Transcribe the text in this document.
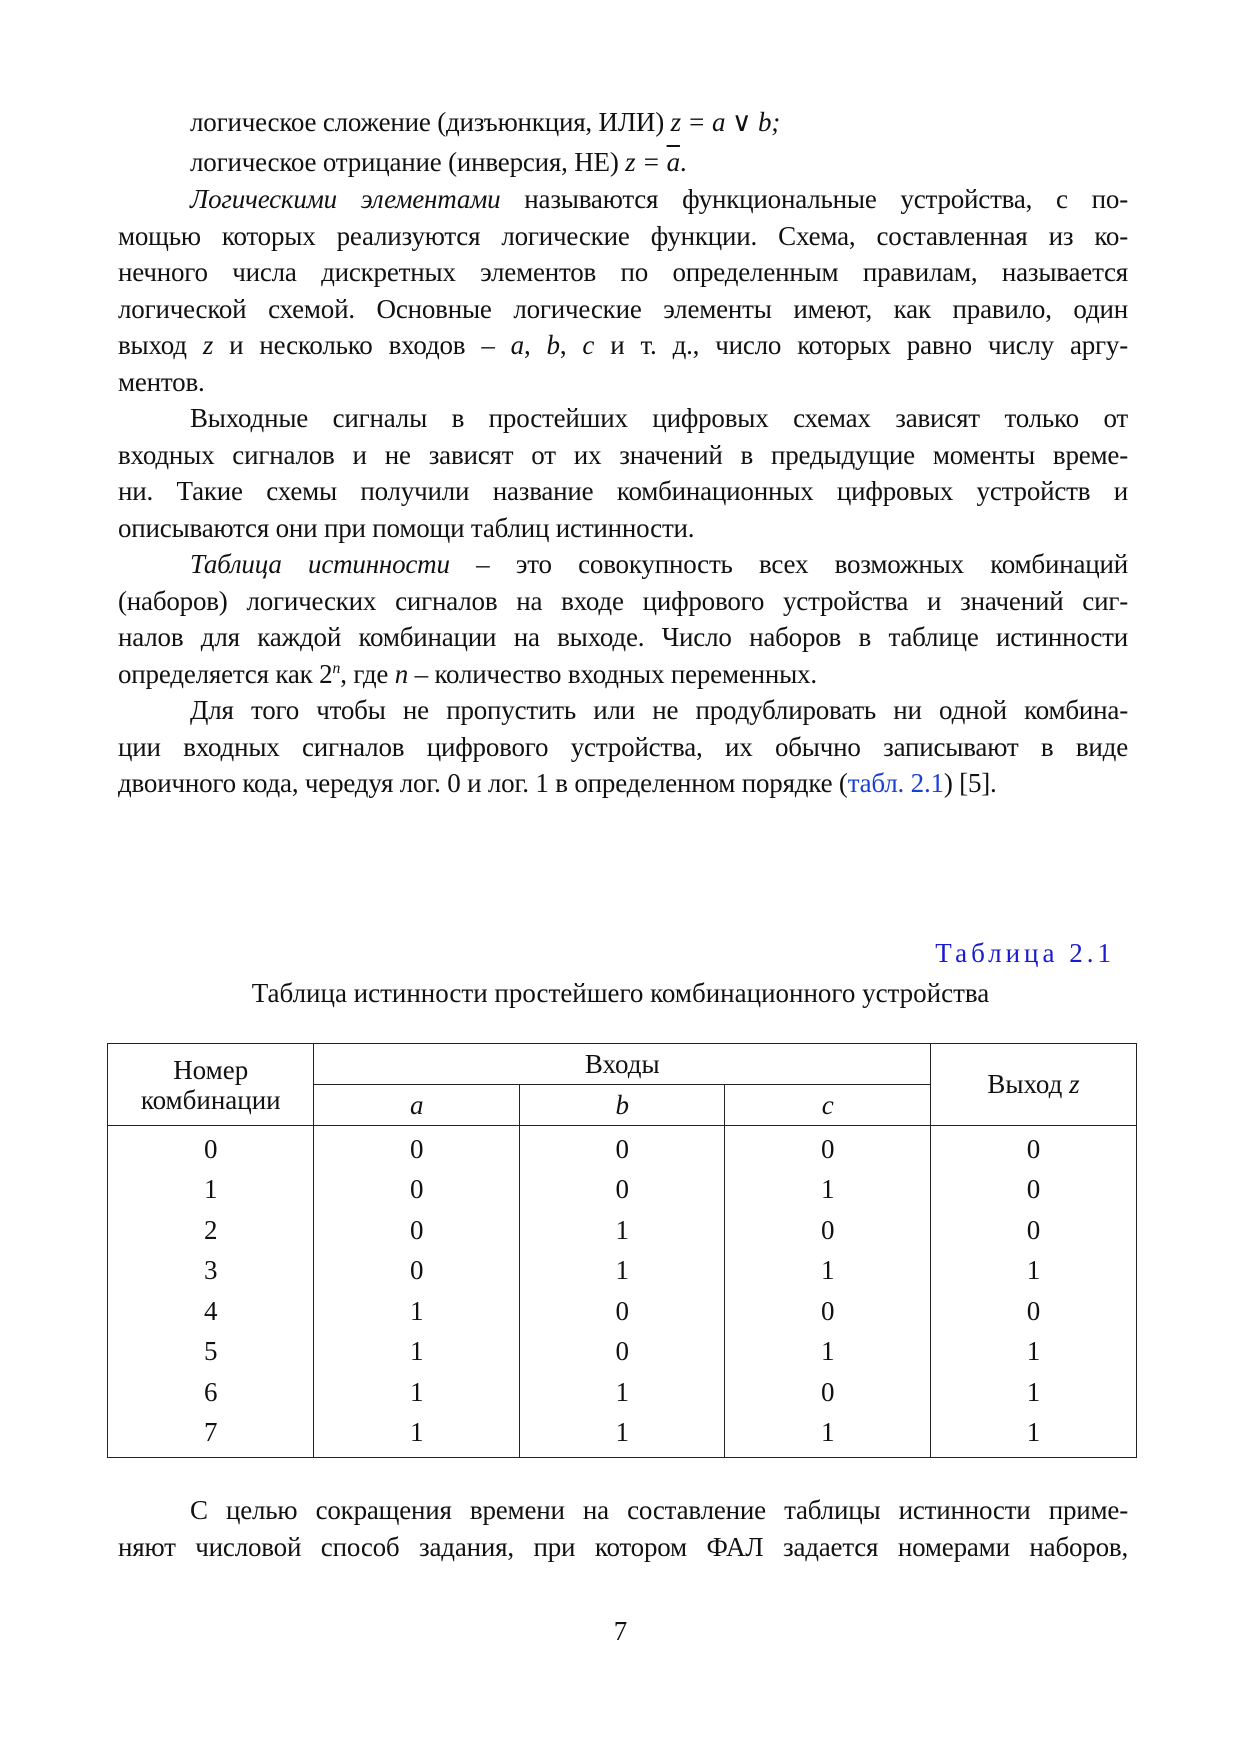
логическое сложение (дизъюнкция, ИЛИ) z = a ∨ b;
логическое отрицание (инверсия, НЕ) $z = \overline{a}$.
Логическими элементами называются функциональные устройства, с по-
мощью которых реализуются логические функции. Схема, составленная из ко-
нечного числа дискретных элементов по определенным правилам, называется
логической схемой. Основные логические элементы имеют, как правило, один
выход z и несколько входов – a, b, c и т. д., число которых равно числу аргу-
ментов.
Выходные сигналы в простейших цифровых схемах зависят только от
входных сигналов и не зависят от их значений в предыдущие моменты време-
ни. Такие схемы получили название комбинационных цифровых устройств и
описываются они при помощи таблиц истинности.
Таблица истинности – это совокупность всех возможных комбинаций
(наборов) логических сигналов на входе цифрового устройства и значений сиг-
налов для каждой комбинации на выходе. Число наборов в таблице истинности
определяется как 2$^n$, где n – количество входных переменных.
Для того чтобы не пропустить или не продублировать ни одной комбина-
ции входных сигналов цифрового устройства, их обычно записывают в виде
двоичного кода, чередуя лог. 0 и лог. 1 в определенном порядке (табл. 2.1) [5].
Таблица 2.1
Таблица истинности простейшего комбинационного устройства
Номер комбинации	Входы			Выход z
	a	b	c	
0	0	0	0	0
1	0	0	1	0
2	0	1	0	0
3	0	1	1	1
4	1	0	0	0
5	1	0	1	1
6	1	1	0	1
7	1	1	1	1
С целью сокращения времени на составление таблицы истинности приме-
няют числовой способ задания, при котором ФАЛ задается номерами наборов,
7
